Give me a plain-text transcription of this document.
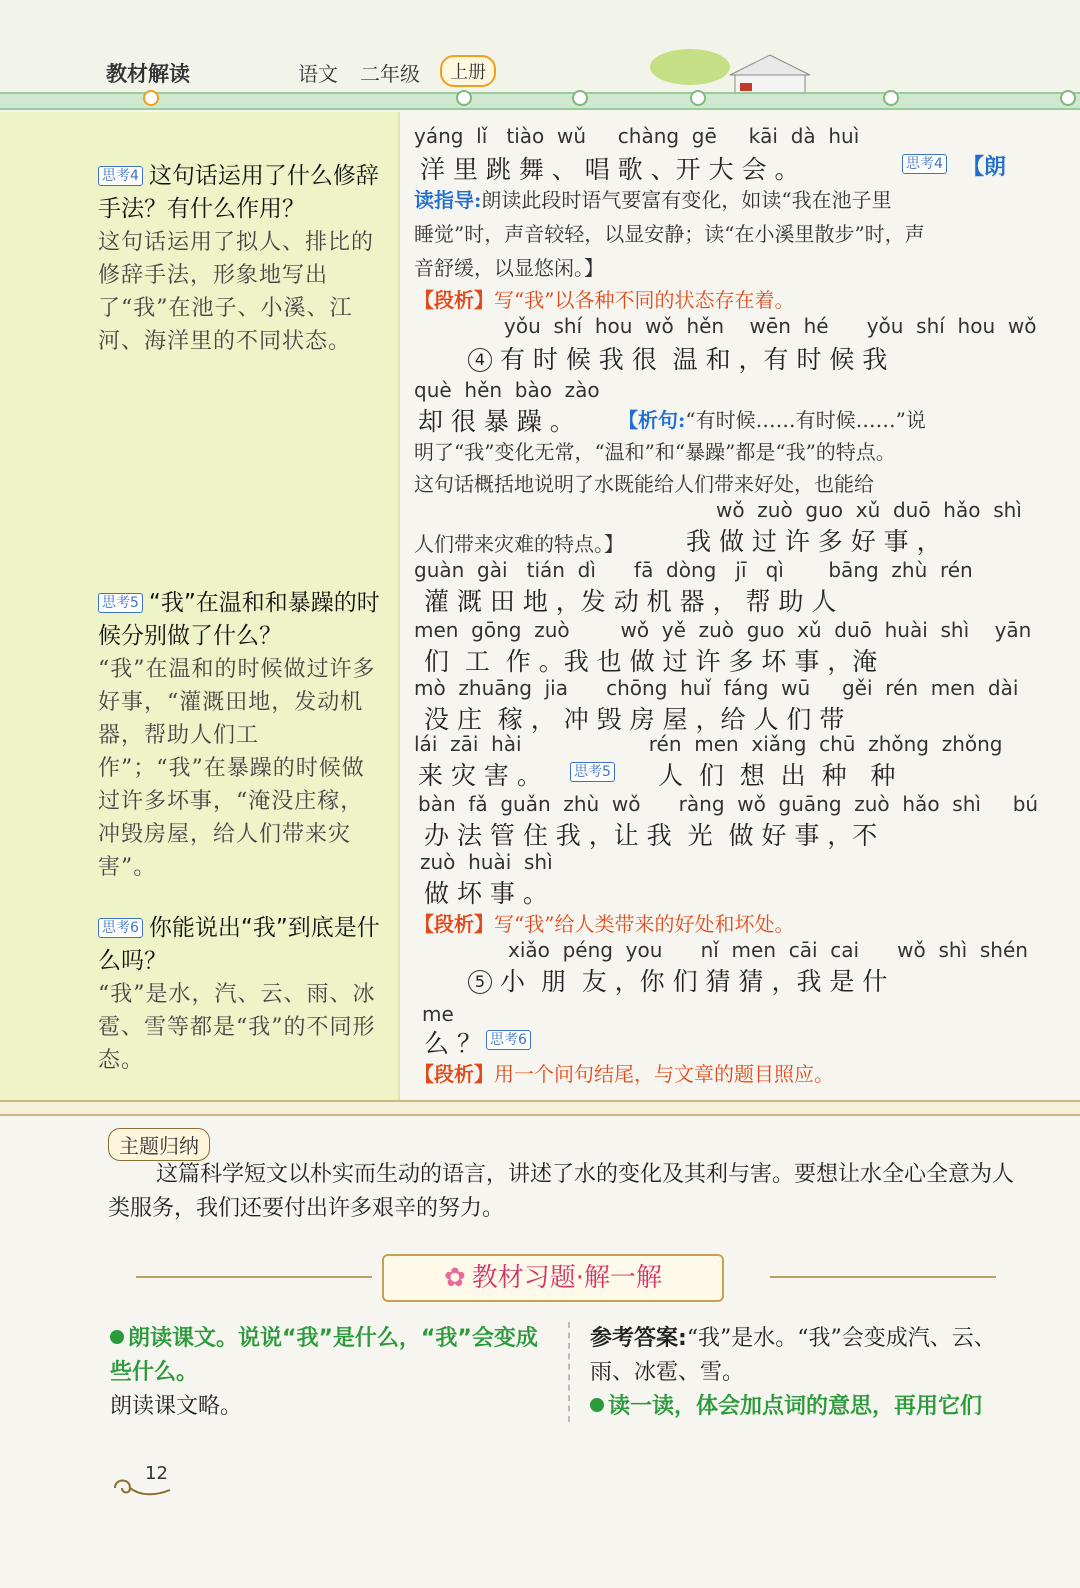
教材解读	语文 二年级	上册
思考4 这句话运用了什么修辞手法？有什么作用？
这句话运用了拟人、排比的修辞手法，形象地写出了“我”在池子、小溪、江河、海洋里的不同状态。
思考5 “我”在温和和暴躁的时候分别做了什么？
“我”在温和的时候做过许多好事，“灌溉田地，发动机器，帮助人们工作”；“我”在暴躁的时候做过许多坏事，“淹没庄稼，冲毁房屋，给人们带来灾害”。
思考6 你能说出“我”到底是什么吗？
“我”是水，汽、云、雨、冰雹、雪等都是“我”的不同形态。
yáng  lǐ   tiào  wǔ     chàng  gē     kāi  dà  huì
洋 里 跳 舞 、 唱 歌 、开 大 会 。	思考4 【朗
读指导:朗读此段时语气要富有变化，如读“我在池子里
睡觉”时，声音较轻，以显安静；读“在小溪里散步”时，声
音舒缓，以显悠闲。】
【段析】写“我”以各种不同的状态存在着。
yǒu  shí  hou  wǒ  hěn    wēn  hé      yǒu  shí  hou  wǒ
4 有 时 候 我 很  温 和 ，有 时 候 我
què  hěn  bào  zào
却 很 暴 躁 。 【析句:“有时候……有时候……”说
明了“我”变化无常，“温和”和“暴躁”都是“我”的特点。
这句话概括地说明了水既能给人们带来好处，也能给
wǒ  zuò  guo  xǔ  duō  hǎo  shì
人们带来灾难的特点。】 我 做 过 许 多 好 事 ，
guàn  gài   tián  dì      fā  dòng   jī   qì       bāng  zhù  rén
灌 溉 田 地 ，发 动 机 器 ， 帮 助 人
men  gōng  zuò        wǒ  yě  zuò  guo  xǔ  duō  huài  shì    yān
们  工  作 。我 也 做 过 许 多 坏 事 ，淹
mò  zhuāng  jia      chōng  huǐ  fáng  wū     gěi  rén  men  dài
没 庄  稼 ， 冲 毁 房 屋 ，给 人 们 带
lái  zāi  hài                    rén  men  xiǎng  chū  zhǒng  zhǒng
来 灾 害 。 思考5 人  们  想  出  种   种
bàn  fǎ  guǎn  zhù  wǒ      ràng  wǒ  guāng  zuò  hǎo  shì     bú
办 法 管 住 我 ，让 我  光  做 好 事 ，不
zuò  huài  shì
做 坏 事 。
【段析】写“我”给人类带来的好处和坏处。
xiǎo  péng  you      nǐ  men  cāi  cai      wǒ  shì  shén
5 小  朋  友 ，你 们 猜 猜 ，我 是 什
me
么 ？ 思考6
【段析】用一个问句结尾，与文章的题目照应。
主题归纳
这篇科学短文以朴实而生动的语言，讲述了水的变化及其利与害。要想让水全心全意为人类服务，我们还要付出许多艰辛的努力。
✿ 教材习题·解一解
朗读课文。说说“我”是什么，“我”会变成些什么。
朗读课文略。
参考答案:“我”是水。“我”会变成汽、云、雨、冰雹、雪。
读一读，体会加点词的意思，再用它们
12
